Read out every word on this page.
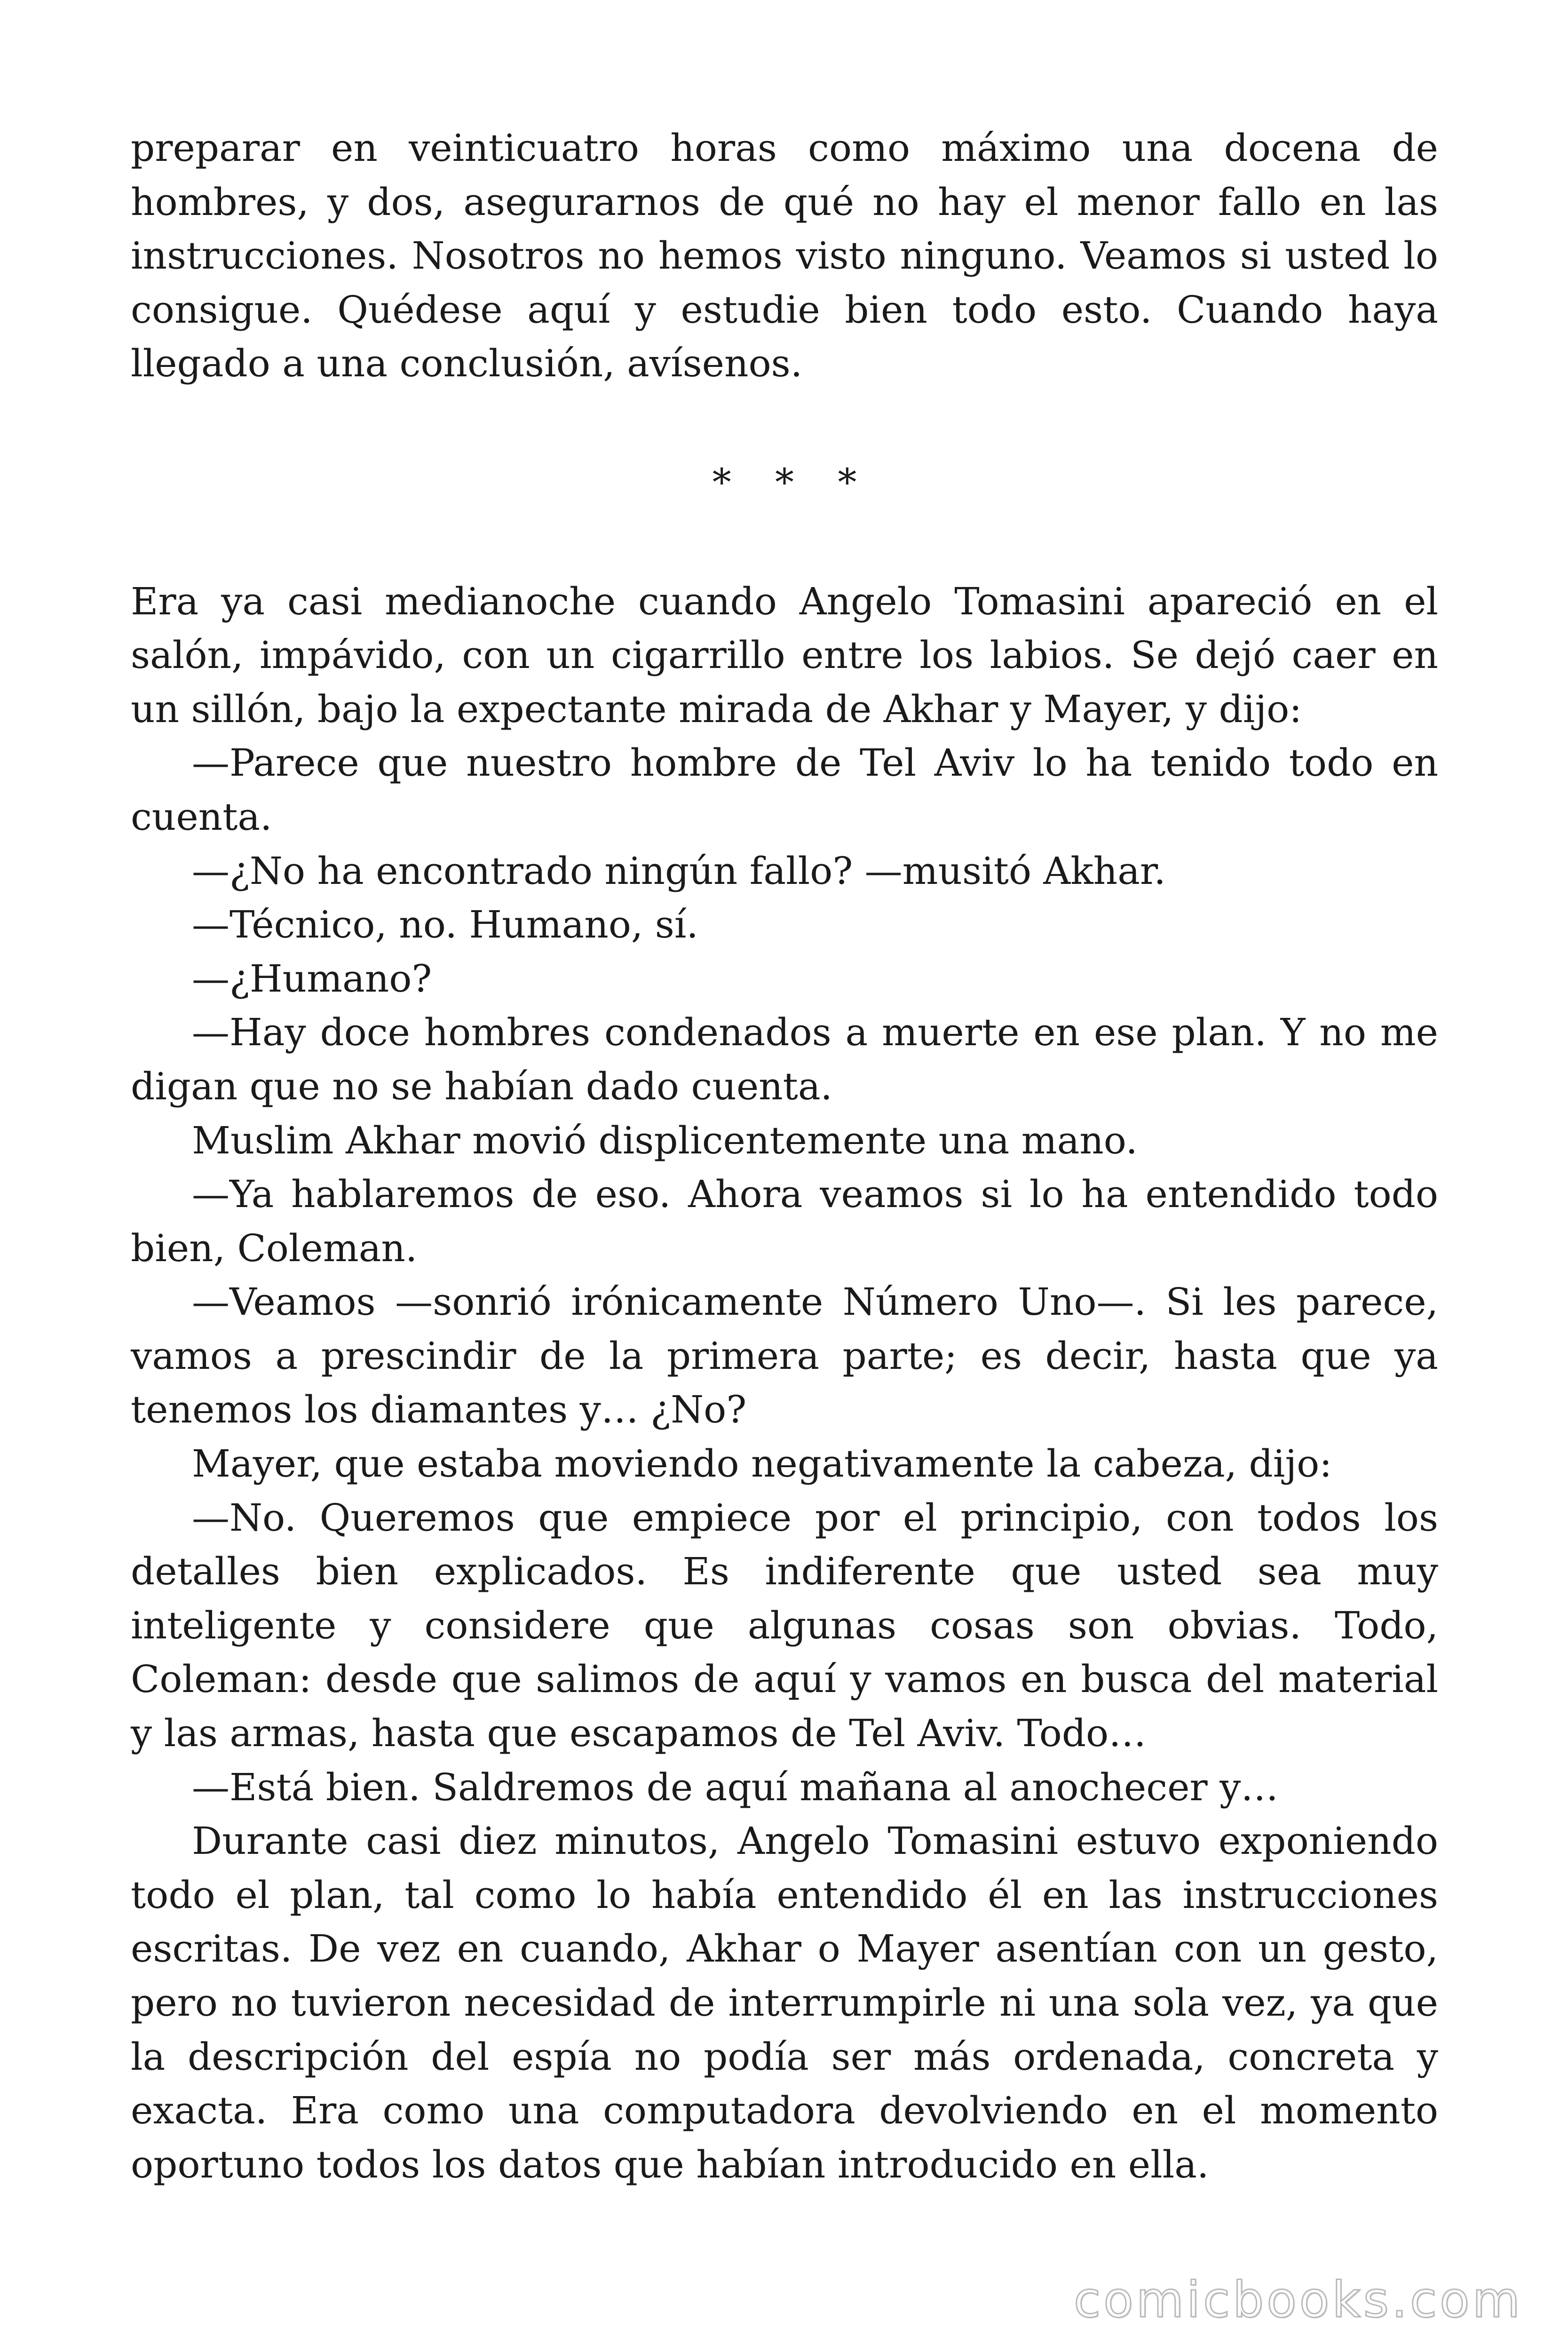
preparar en veinticuatro horas como máximo una docena de hombres, y dos, asegurarnos de qué no hay el menor fallo en las instrucciones. Nosotros no hemos visto ninguno. Veamos si usted lo consigue. Quédese aquí y estudie bien todo esto. Cuando haya llegado a una conclusión, avísenos.

* * *

Era ya casi medianoche cuando Angelo Tomasini apareció en el salón, impávido, con un cigarrillo entre los labios. Se dejó caer en un sillón, bajo la expectante mirada de Akhar y Mayer, y dijo:

—Parece que nuestro hombre de Tel Aviv lo ha tenido todo en cuenta.

—¿No ha encontrado ningún fallo? —musitó Akhar.

—Técnico, no. Humano, sí.

—¿Humano?

—Hay doce hombres condenados a muerte en ese plan. Y no me digan que no se habían dado cuenta.

Muslim Akhar movió displicentemente una mano.

—Ya hablaremos de eso. Ahora veamos si lo ha entendido todo bien, Coleman.

—Veamos —sonrió irónicamente Número Uno—. Si les parece, vamos a prescindir de la primera parte; es decir, hasta que ya tenemos los diamantes y… ¿No?

Mayer, que estaba moviendo negativamente la cabeza, dijo:

—No. Queremos que empiece por el principio, con todos los detalles bien explicados. Es indiferente que usted sea muy inteligente y considere que algunas cosas son obvias. Todo, Coleman: desde que salimos de aquí y vamos en busca del material y las armas, hasta que escapamos de Tel Aviv. Todo…

—Está bien. Saldremos de aquí mañana al anochecer y…

Durante casi diez minutos, Angelo Tomasini estuvo exponiendo todo el plan, tal como lo había entendido él en las instrucciones escritas. De vez en cuando, Akhar o Mayer asentían con un gesto, pero no tuvieron necesidad de interrumpirle ni una sola vez, ya que la descripción del espía no podía ser más ordenada, concreta y exacta. Era como una computadora devolviendo en el momento oportuno todos los datos que habían introducido en ella.

comicbooks.com
